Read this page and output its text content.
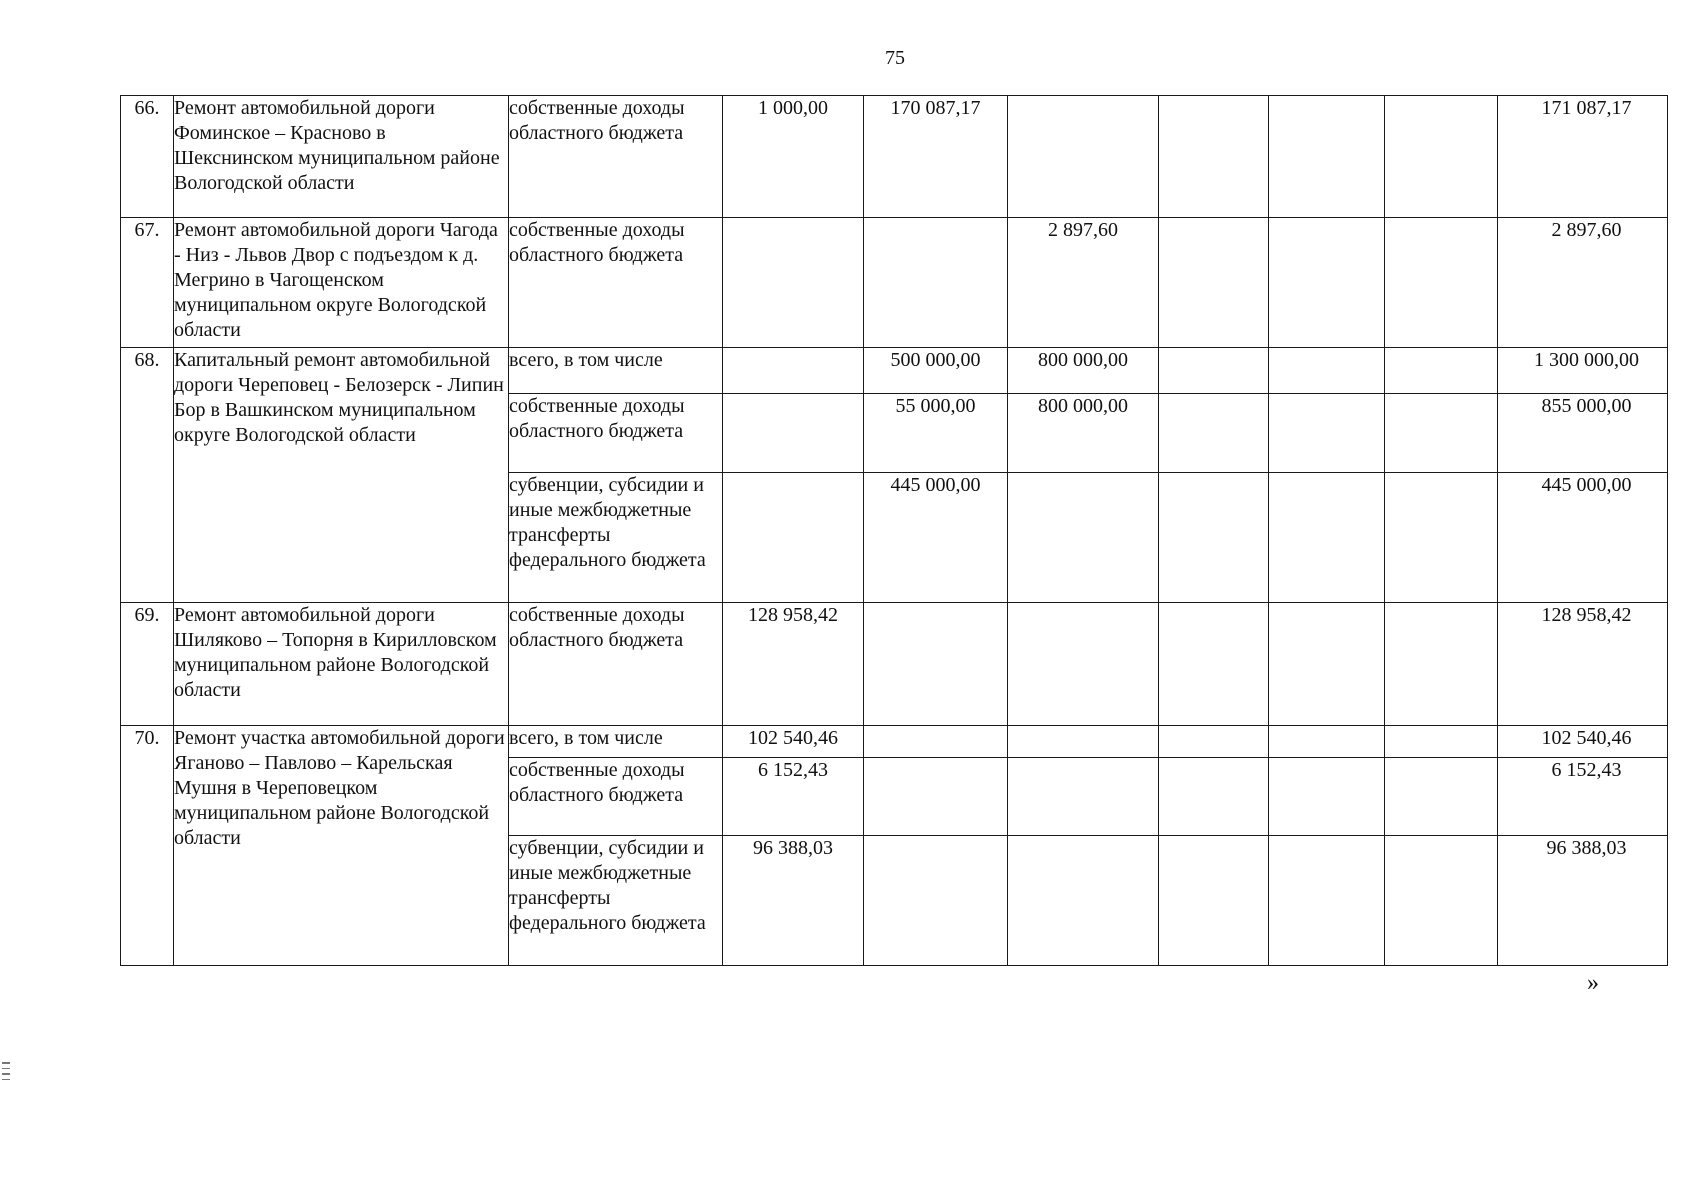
75
66.	Ремонт автомобильной дороги Фоминское – Красново в Шекснинском муниципальном районе Вологодской области	собственные доходы областного бюджета	1 000,00	170 087,17					171 087,17
67.	Ремонт автомобильной дороги Чагода - Низ - Львов Двор с подъездом к д. Мегрино в Чагощенском муниципальном округе Вологодской области	собственные доходы областного бюджета			2 897,60				2 897,60
68.	Капитальный ремонт автомобильной дороги Череповец - Белозерск - Липин Бор в Вашкинском муниципальном округе Вологодской области	всего, в том числе		500 000,00	800 000,00				1 300 000,00
		собственные доходы областного бюджета		55 000,00	800 000,00				855 000,00
		субвенции, субсидии и иные межбюджетные трансферты федерального бюджета		445 000,00					445 000,00
69.	Ремонт автомобильной дороги Шиляково – Топорня в Кирилловском муниципальном районе Вологодской области	собственные доходы областного бюджета	128 958,42						128 958,42
70.	Ремонт участка автомобильной дороги Яганово – Павлово – Карельская Мушня в Череповецком муниципальном районе Вологодской области	всего, в том числе	102 540,46						102 540,46
		собственные доходы областного бюджета	6 152,43						6 152,43
		субвенции, субсидии и иные межбюджетные трансферты федерального бюджета	96 388,03						96 388,03
»
